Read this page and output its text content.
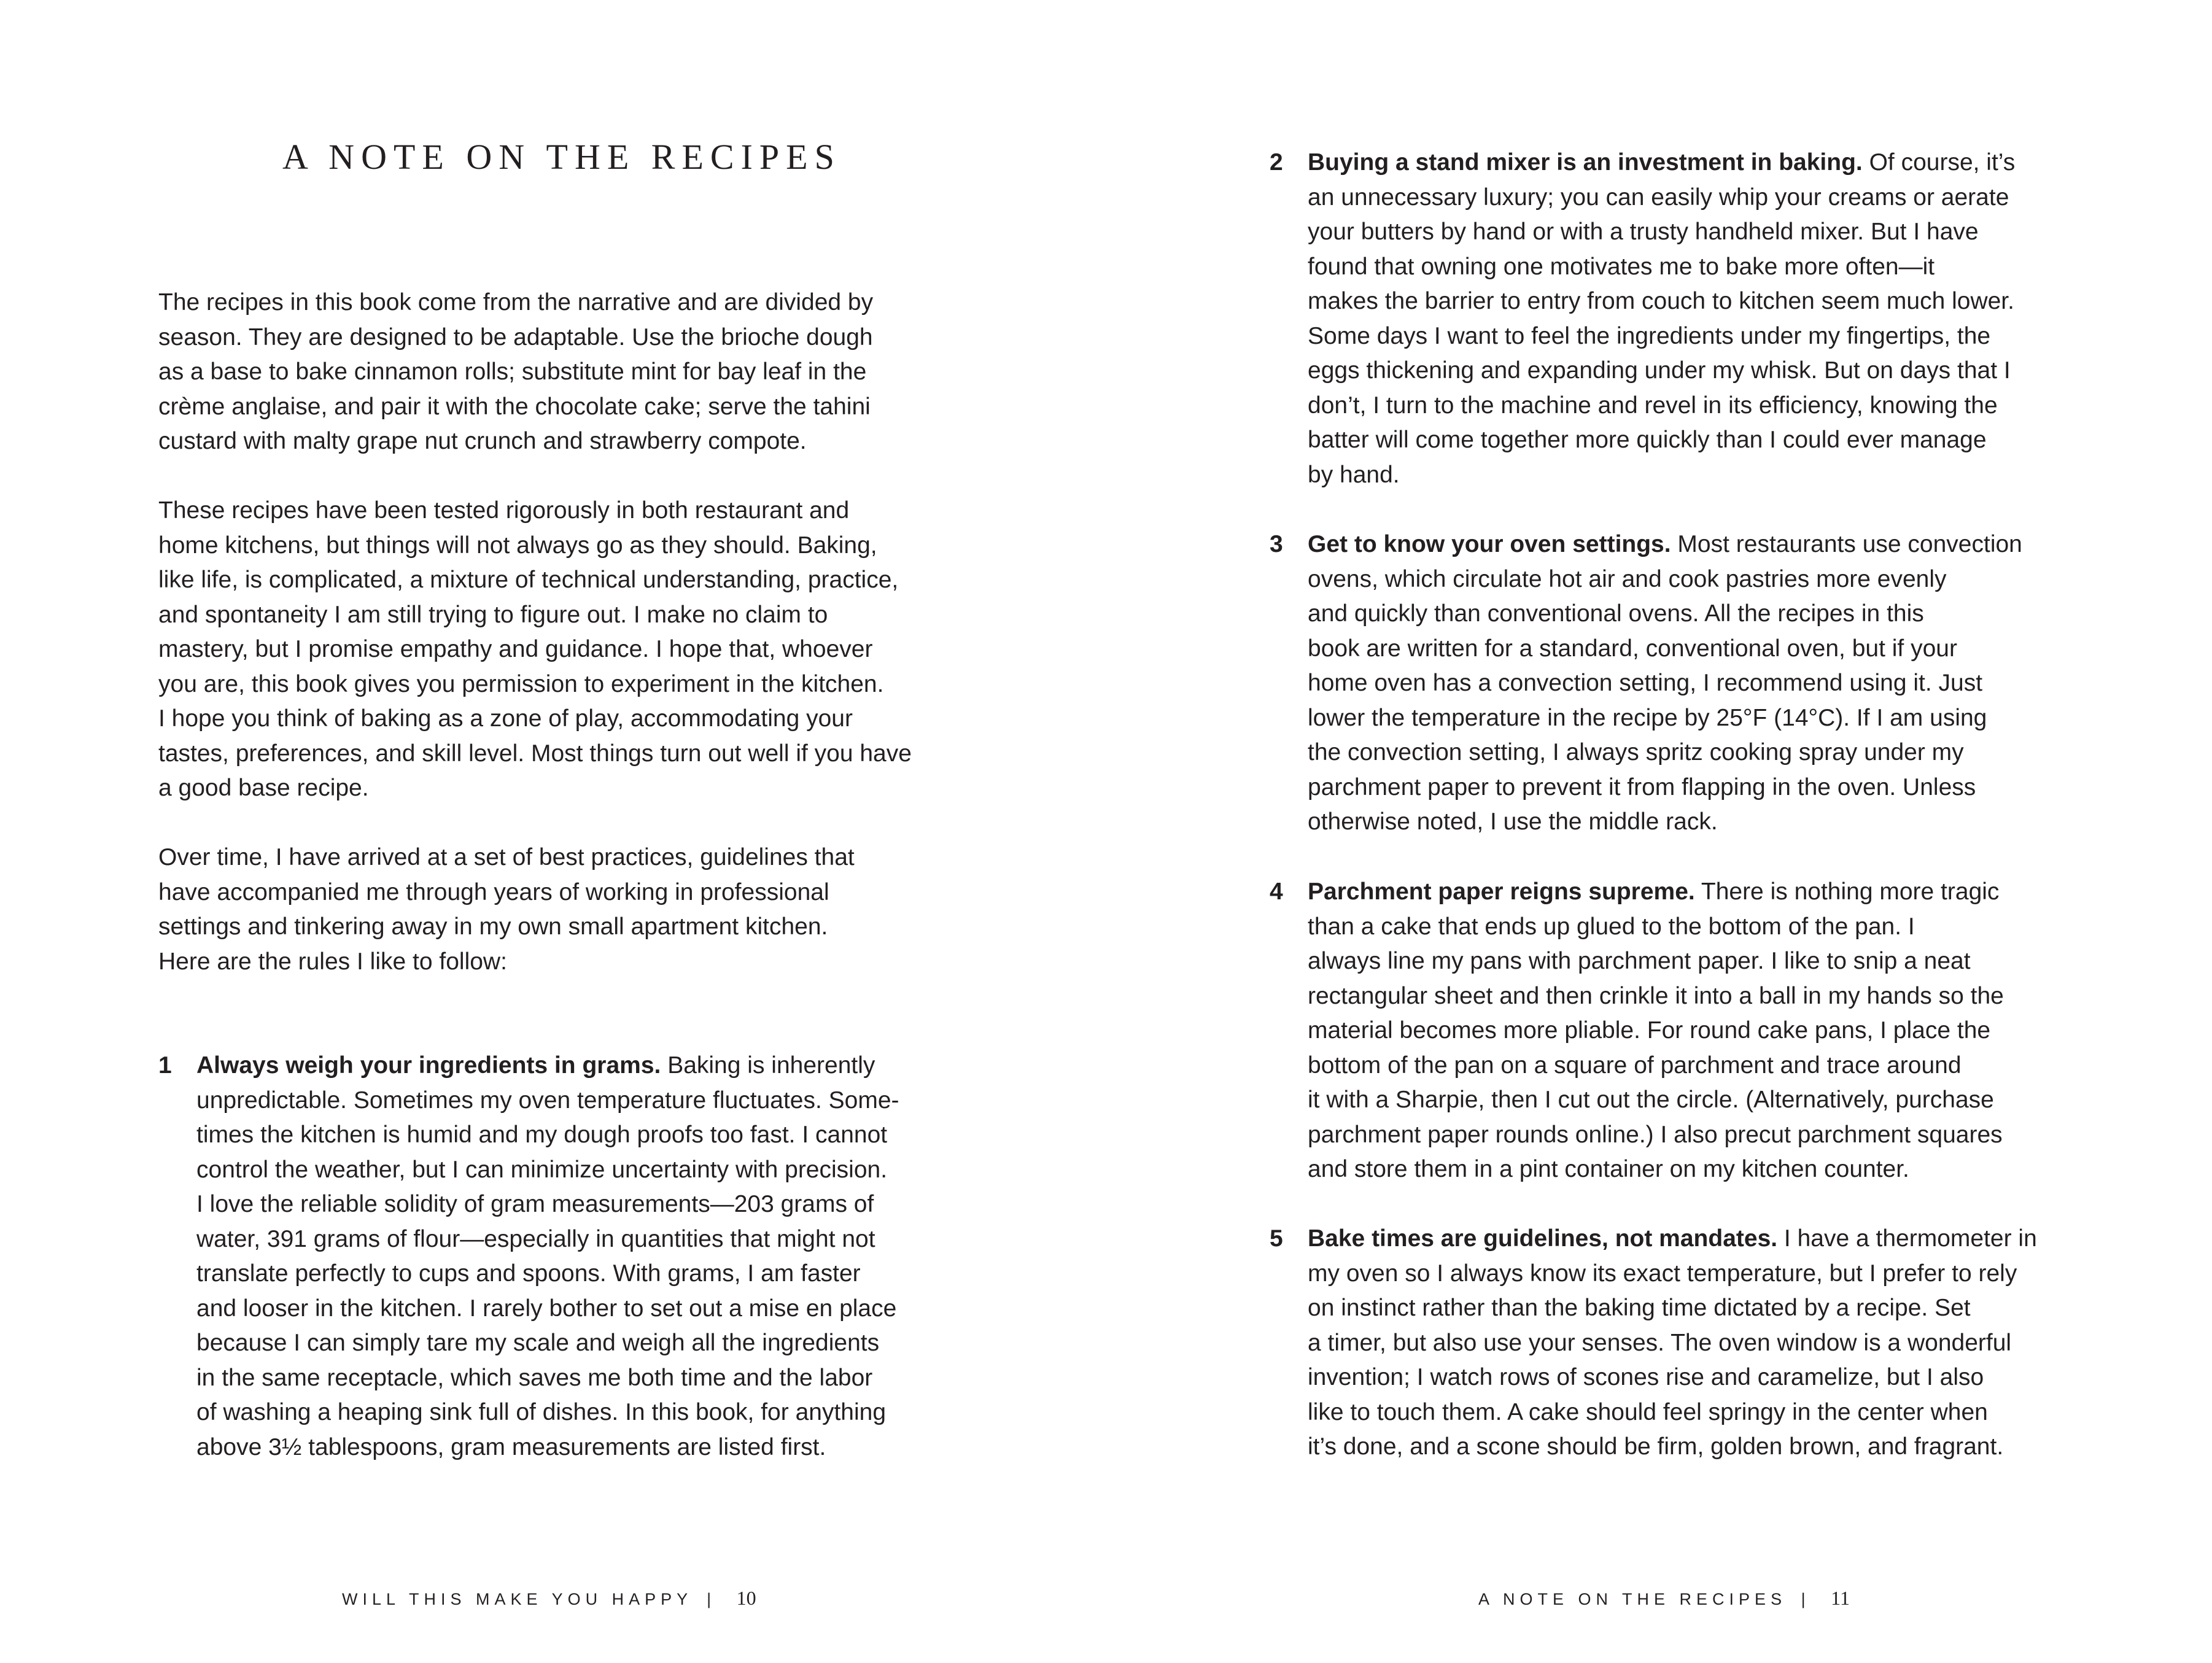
A NOTE ON THE RECIPES
The recipes in this book come from the narrative and are divided by
season. They are designed to be adaptable. Use the brioche dough
as a base to bake cinnamon rolls; substitute mint for bay leaf in the
crème anglaise, and pair it with the chocolate cake; serve the tahini
custard with malty grape nut crunch and strawberry compote.
These recipes have been tested rigorously in both restaurant and
home kitchens, but things will not always go as they should. Baking,
like life, is complicated, a mixture of technical understanding, practice,
and spontaneity I am still trying to figure out. I make no claim to
mastery, but I promise empathy and guidance. I hope that, whoever
you are, this book gives you permission to experiment in the kitchen.
I hope you think of baking as a zone of play, accommodating your
tastes, preferences, and skill level. Most things turn out well if you have
a good base recipe.
Over time, I have arrived at a set of best practices, guidelines that
have accompanied me through years of working in professional
settings and tinkering away in my own small apartment kitchen.
Here are the rules I like to follow:
1 Always weigh your ingredients in grams. Baking is inherently
unpredictable. Sometimes my oven temperature fluctuates. Some-
times the kitchen is humid and my dough proofs too fast. I cannot
control the weather, but I can minimize uncertainty with precision.
I love the reliable solidity of gram measurements—203 grams of
water, 391 grams of flour—especially in quantities that might not
translate perfectly to cups and spoons. With grams, I am faster
and looser in the kitchen. I rarely bother to set out a mise en place
because I can simply tare my scale and weigh all the ingredients
in the same receptacle, which saves me both time and the labor
of washing a heaping sink full of dishes. In this book, for anything
above 3½ tablespoons, gram measurements are listed first.
WILL THIS MAKE YOU HAPPY | 10
2 Buying a stand mixer is an investment in baking. Of course, it’s
an unnecessary luxury; you can easily whip your creams or aerate
your butters by hand or with a trusty handheld mixer. But I have
found that owning one motivates me to bake more often—it
makes the barrier to entry from couch to kitchen seem much lower.
Some days I want to feel the ingredients under my fingertips, the
eggs thickening and expanding under my whisk. But on days that I
don’t, I turn to the machine and revel in its efficiency, knowing the
batter will come together more quickly than I could ever manage
by hand.
3 Get to know your oven settings. Most restaurants use convection
ovens, which circulate hot air and cook pastries more evenly
and quickly than conventional ovens. All the recipes in this
book are written for a standard, conventional oven, but if your
home oven has a convection setting, I recommend using it. Just
lower the temperature in the recipe by 25°F (14°C). If I am using
the convection setting, I always spritz cooking spray under my
parchment paper to prevent it from flapping in the oven. Unless
otherwise noted, I use the middle rack.
4 Parchment paper reigns supreme. There is nothing more tragic
than a cake that ends up glued to the bottom of the pan. I
always line my pans with parchment paper. I like to snip a neat
rectangular sheet and then crinkle it into a ball in my hands so the
material becomes more pliable. For round cake pans, I place the
bottom of the pan on a square of parchment and trace around
it with a Sharpie, then I cut out the circle. (Alternatively, purchase
parchment paper rounds online.) I also precut parchment squares
and store them in a pint container on my kitchen counter.
5 Bake times are guidelines, not mandates. I have a thermometer in
my oven so I always know its exact temperature, but I prefer to rely
on instinct rather than the baking time dictated by a recipe. Set
a timer, but also use your senses. The oven window is a wonderful
invention; I watch rows of scones rise and caramelize, but I also
like to touch them. A cake should feel springy in the center when
it’s done, and a scone should be firm, golden brown, and fragrant.
A NOTE ON THE RECIPES | 11
